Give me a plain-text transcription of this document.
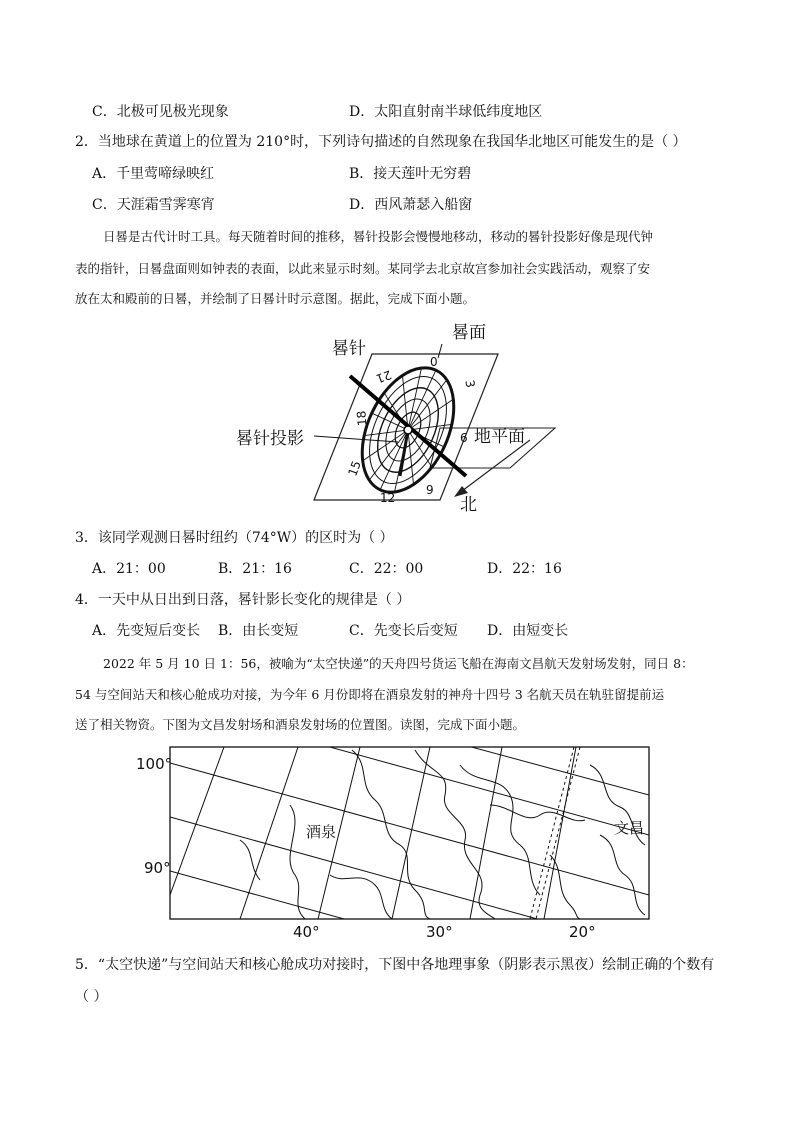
C．北极可见极光现象	D．太阳直射南半球低纬度地区
2．当地球在黄道上的位置为 210°时，下列诗句描述的自然现象在我国华北地区可能发生的是（ ）
A．千里莺啼绿映红	B．接天莲叶无穷碧
C．天涯霜雪霁寒宵	D．西风萧瑟入船窗
日晷是古代计时工具。每天随着时间的推移，晷针投影会慢慢地移动，移动的晷针投影好像是现代钟
表的指针，日晷盘面则如钟表的表面，以此来显示时刻。某同学去北京故宫参加社会实践活动，观察了安
放在太和殿前的日晷，并绘制了日晷计时示意图。据此，完成下面小题。
0
3
6
9
12
15
18
21
晷针
晷面
晷针投影	地平面
北
3．该同学观测日晷时纽约（74°W）的区时为（ ）
A．21：00	B．21：16	C．22：00	D．22：16
4．一天中从日出到日落，晷针影长变化的规律是（ ）
A．先变短后变长 B．由长变短	C．先变长后变短 D．由短变长
2022 年 5 月 10 日 1：56，被喻为“太空快递”的天舟四号货运飞船在海南文昌航天发射场发射，同日 8：
54 与空间站天和核心舱成功对接，为今年 6 月份即将在酒泉发射的神舟十四号 3 名航天员在轨驻留提前运
送了相关物资。下图为文昌发射场和酒泉发射场的位置图。读图，完成下面小题。
100°
90°
40°	30°	20°
酒泉	文昌
5．“太空快递”与空间站天和核心舱成功对接时，下图中各地理事象（阴影表示黑夜）绘制正确的个数有
（ ）
